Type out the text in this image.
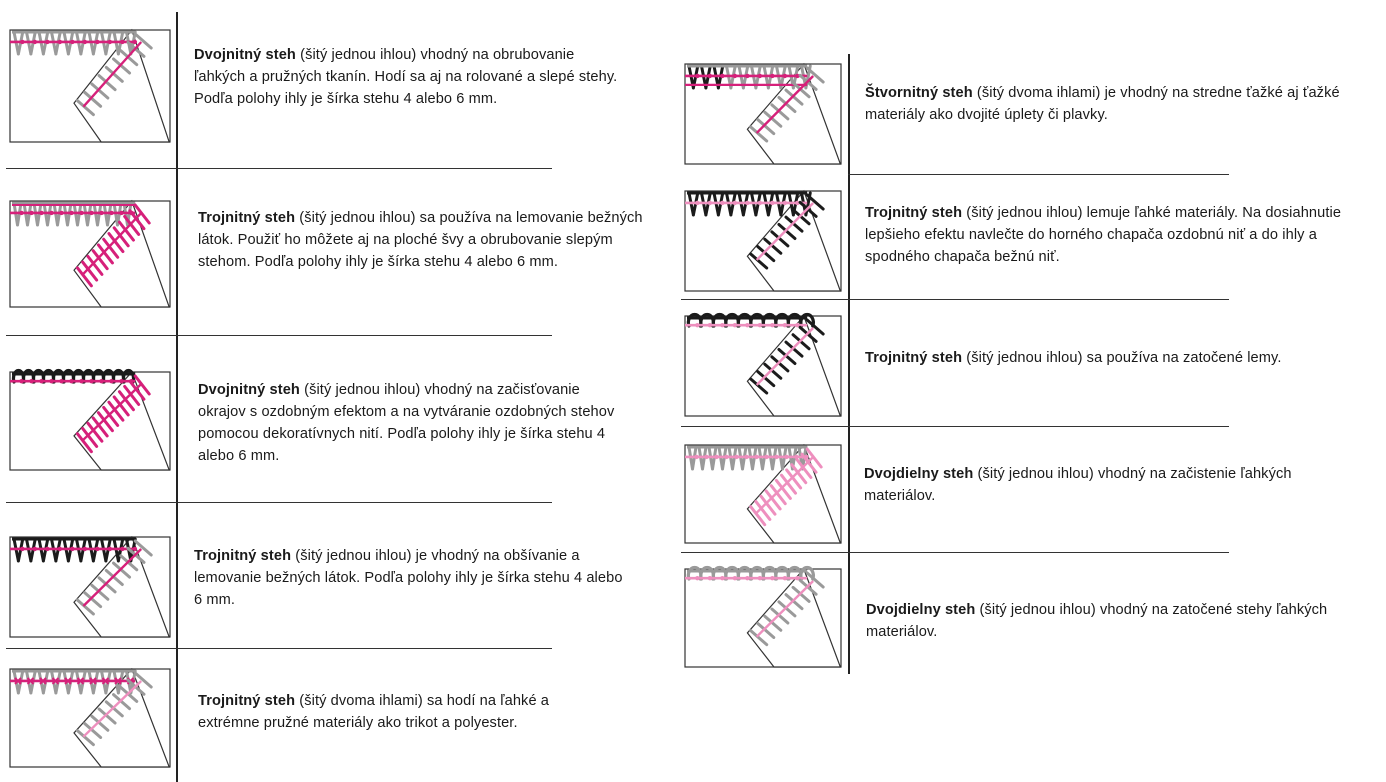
Dvojnitný steh (šitý jednou ihlou) vhodný na obrubovanie ľahkých a pružných tkanín. Hodí sa aj na rolované a slepé stehy. Podľa polohy ihly je šírka stehu 4 alebo 6 mm.
Trojnitný steh (šitý jednou ihlou) sa používa na lemovanie bežných látok. Použiť ho môžete aj na ploché švy a obrubovanie slepým stehom. Podľa polohy ihly je šírka stehu 4 alebo 6 mm.
Dvojnitný steh (šitý jednou ihlou) vhodný na začisťovanie okrajov s ozdobným efektom a na vytváranie ozdobných stehov pomocou dekoratívnych nití. Podľa polohy ihly je šírka stehu 4 alebo 6 mm.
Trojnitný steh (šitý jednou ihlou) je vhodný na obšívanie a lemovanie bežných látok. Podľa polohy ihly je šírka stehu 4 alebo 6 mm.
Trojnitný steh (šitý dvoma ihlami) sa hodí na ľahké a extrémne pružné materiály ako trikot a polyester.
Štvornitný steh (šitý dvoma ihlami) je vhodný na stredne ťažké aj ťažké materiály ako dvojité úplety či plavky.
Trojnitný steh (šitý jednou ihlou) lemuje ľahké materiály. Na dosiahnutie lepšieho efektu navlečte do horného chapača ozdobnú niť a do ihly a spodného chapača bežnú niť.
Trojnitný steh (šitý jednou ihlou) sa používa na zatočené lemy.
Dvojdielny steh (šitý jednou ihlou) vhodný na začistenie ľahkých materiálov.
Dvojdielny steh (šitý jednou ihlou) vhodný na zatočené stehy ľahkých materiálov.
